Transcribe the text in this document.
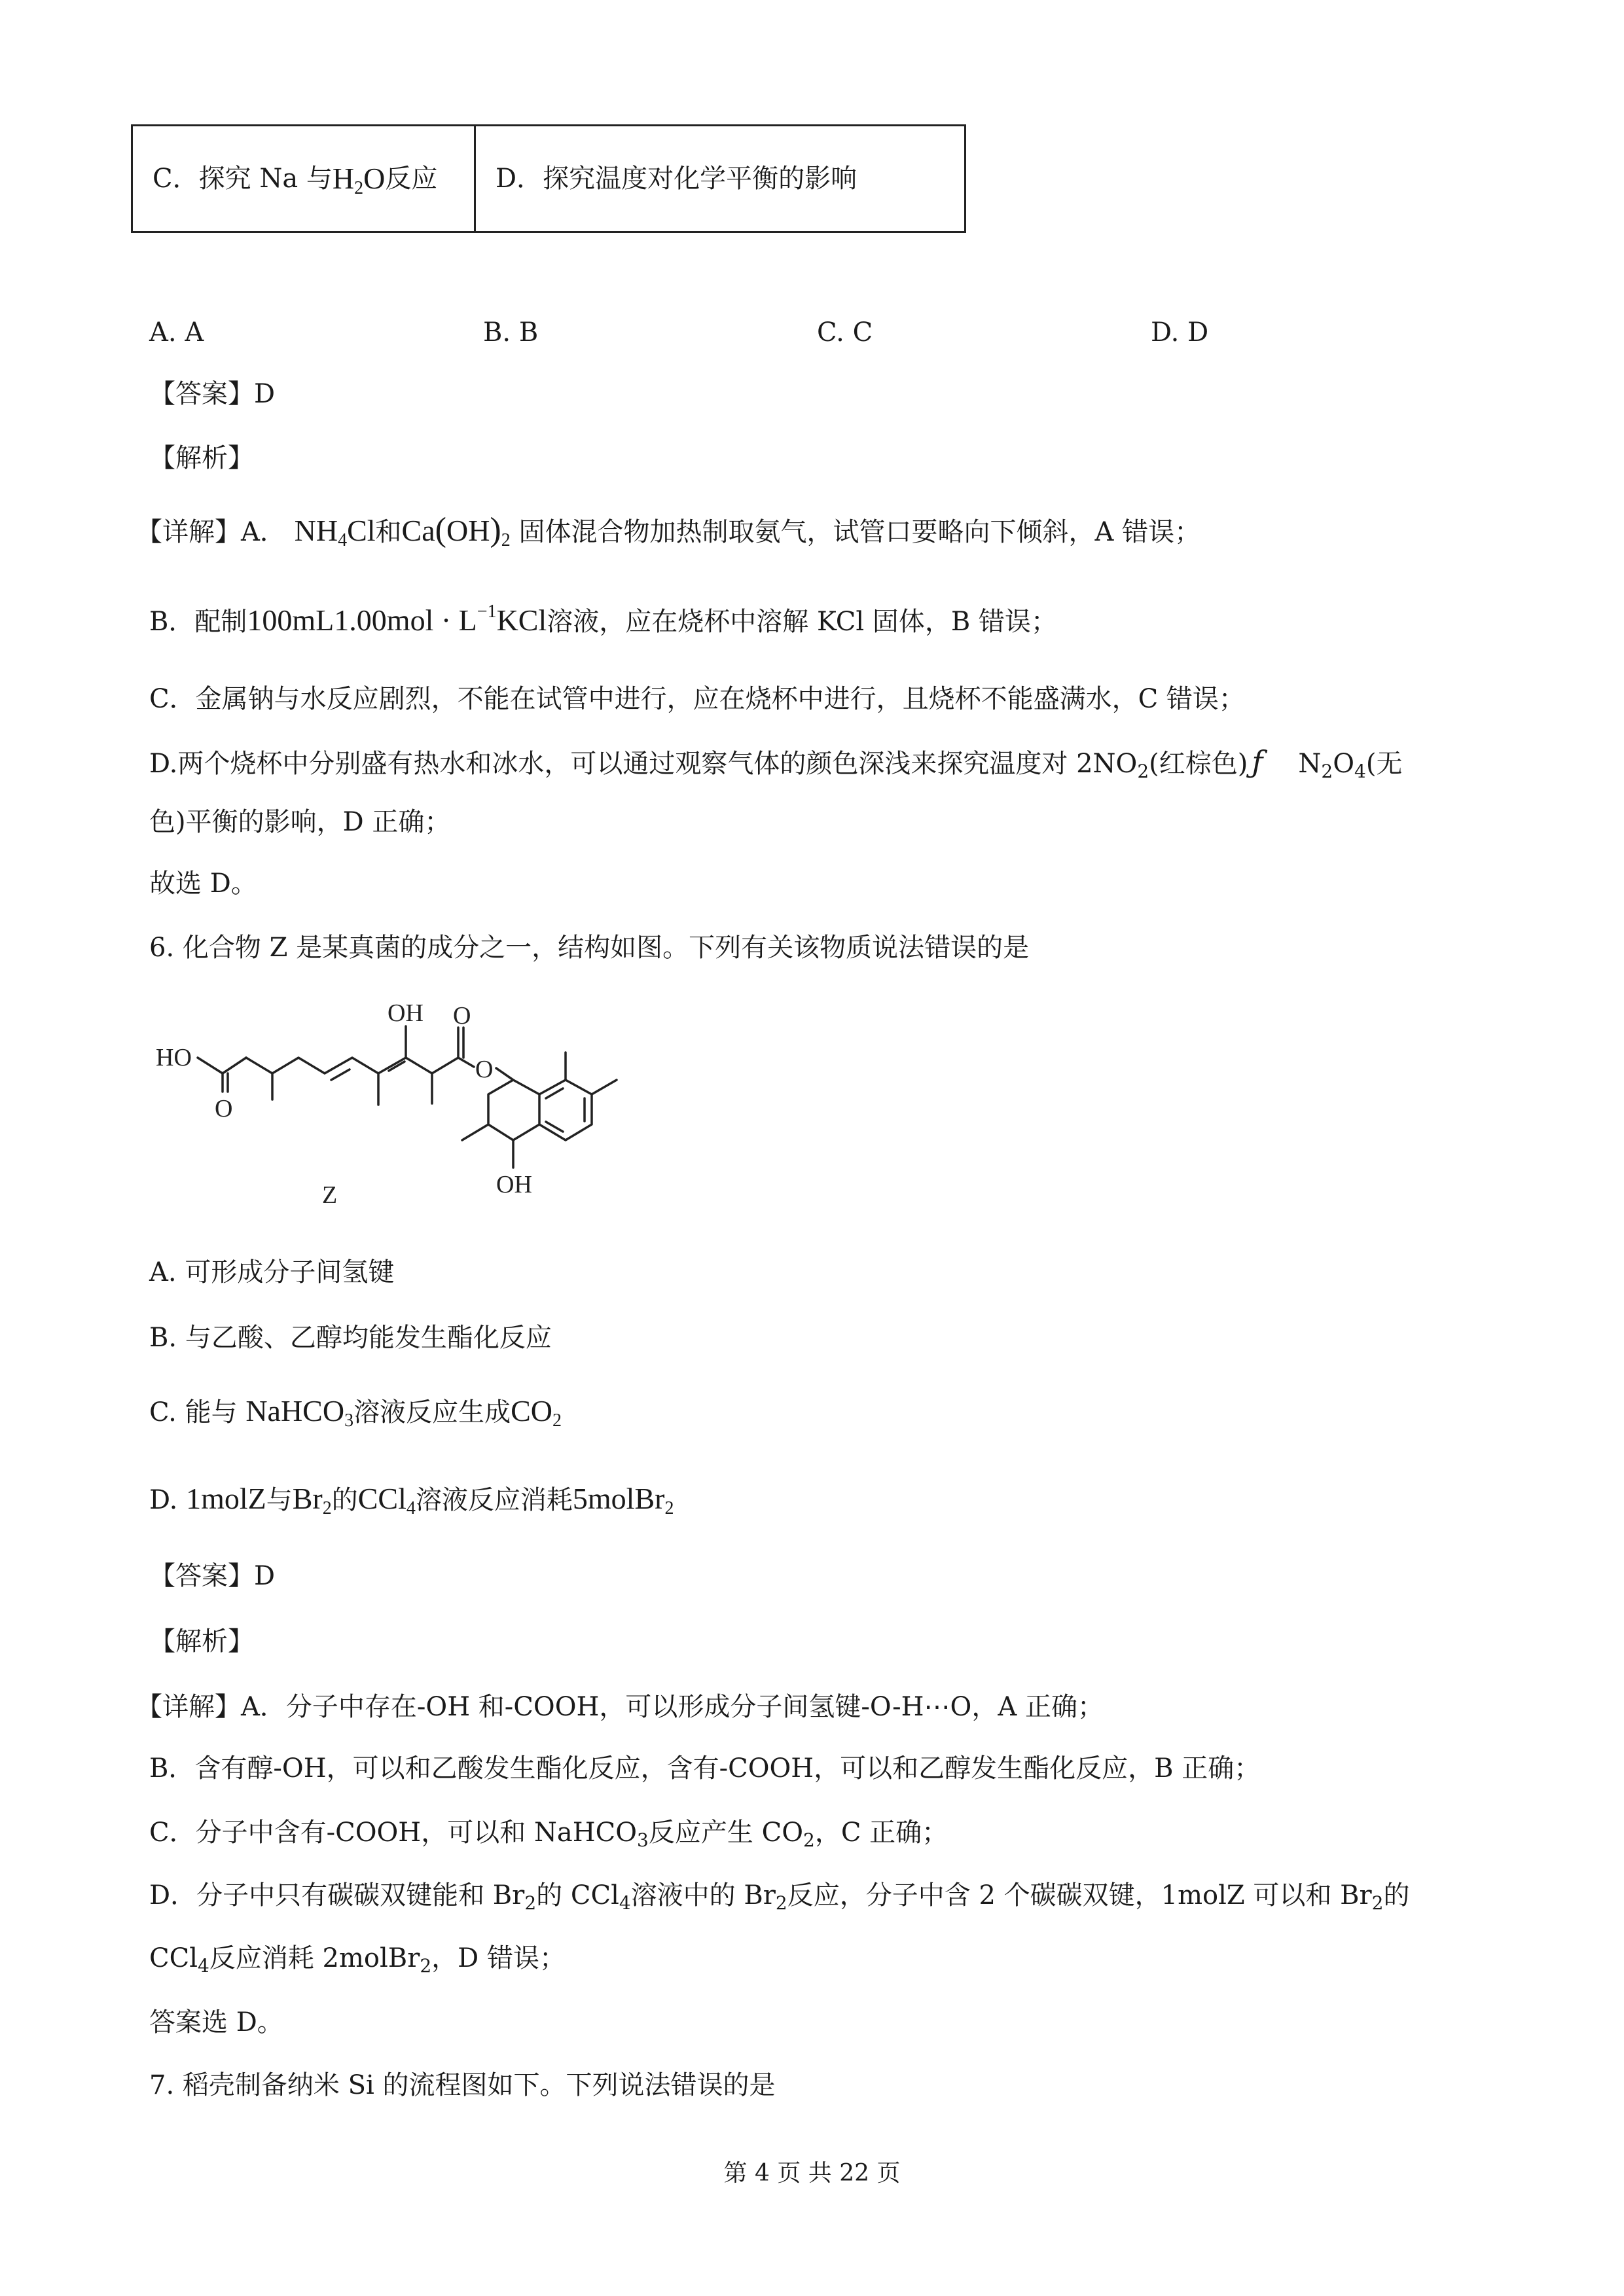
C．探究 Na 与 $H_2O$ 反应 D．探究温度对化学平衡的影响
A. A	B. B	C. C	D. D
【答案】D
【解析】
【详解】A． $NH_4Cl$和$Ca(OH)_2$ 固体混合物加热制取氨气，试管口要略向下倾斜，A 错误；
B．配制$100mL1.00mol \cdot L^{-1}KCl$溶液，应在烧杯中溶解 KCl 固体，B 错误；
C．金属钠与水反应剧烈，不能在试管中进行，应在烧杯中进行，且烧杯不能盛满水，C 错误；
D.两个烧杯中分别盛有热水和冰水，可以通过观察气体的颜色深浅来探究温度对 $2NO_2$(红棕色) ƒ $N_2O_4$(无
色)平衡的影响，D 正确；
故选 D。
6. 化合物 Z 是某真菌的成分之一，结构如图。下列有关该物质说法错误的是
HO
O
OH O
O
OH
Z
A. 可形成分子间氢键
B. 与乙酸、乙醇均能发生酯化反应
C. 能与 NaHCO$_3$溶液反应生成$CO_2$
D. 1molZ与$Br_2$的CCl$_4$溶液反应消耗5molBr$_2$
【答案】D
【解析】
【详解】A．分子中存在-OH 和-COOH，可以形成分子间氢键-O-H⋯O，A 正确；
B．含有醇-OH，可以和乙酸发生酯化反应，含有-COOH，可以和乙醇发生酯化反应，B 正确；
C．分子中含有-COOH，可以和 NaHCO$_3$反应产生 $CO_2$，C 正确；
D．分子中只有碳碳双键能和 $Br_2$的 CCl$_4$溶液中的 $Br_2$反应，分子中含 2 个碳碳双键，1molZ 可以和 $Br_2$的
CCl$_4$反应消耗 2molBr$_2$，D 错误；
答案选 D。
7. 稻壳制备纳米 Si 的流程图如下。下列说法错误的是
第 4 页 共 22 页
